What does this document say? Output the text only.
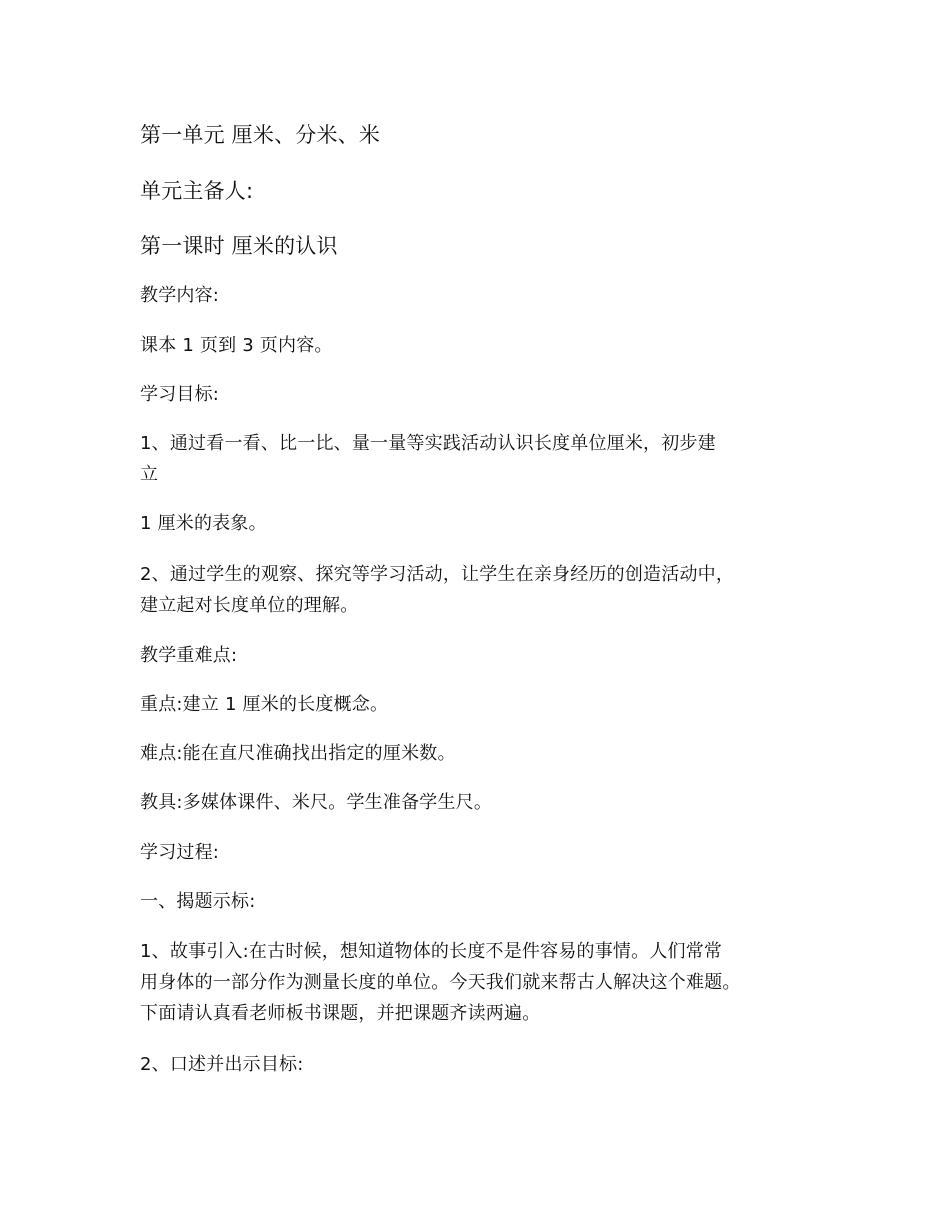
第一单元 厘米、分米、米

单元主备人:

第一课时 厘米的认识

教学内容:

课本 1 页到 3 页内容。

学习目标:

1、通过看一看、比一比、量一量等实践活动认识长度单位厘米，初步建

立

1 厘米的表象。

2、通过学生的观察、探究等学习活动，让学生在亲身经历的创造活动中，

建立起对长度单位的理解。

教学重难点:

重点:建立 1 厘米的长度概念。

难点:能在直尺准确找出指定的厘米数。

教具:多媒体课件、米尺。学生准备学生尺。

学习过程:

一、揭题示标:

1、故事引入:在古时候，想知道物体的长度不是件容易的事情。人们常常

用身体的一部分作为测量长度的单位。今天我们就来帮古人解决这个难题。

下面请认真看老师板书课题，并把课题齐读两遍。

2、口述并出示目标:
